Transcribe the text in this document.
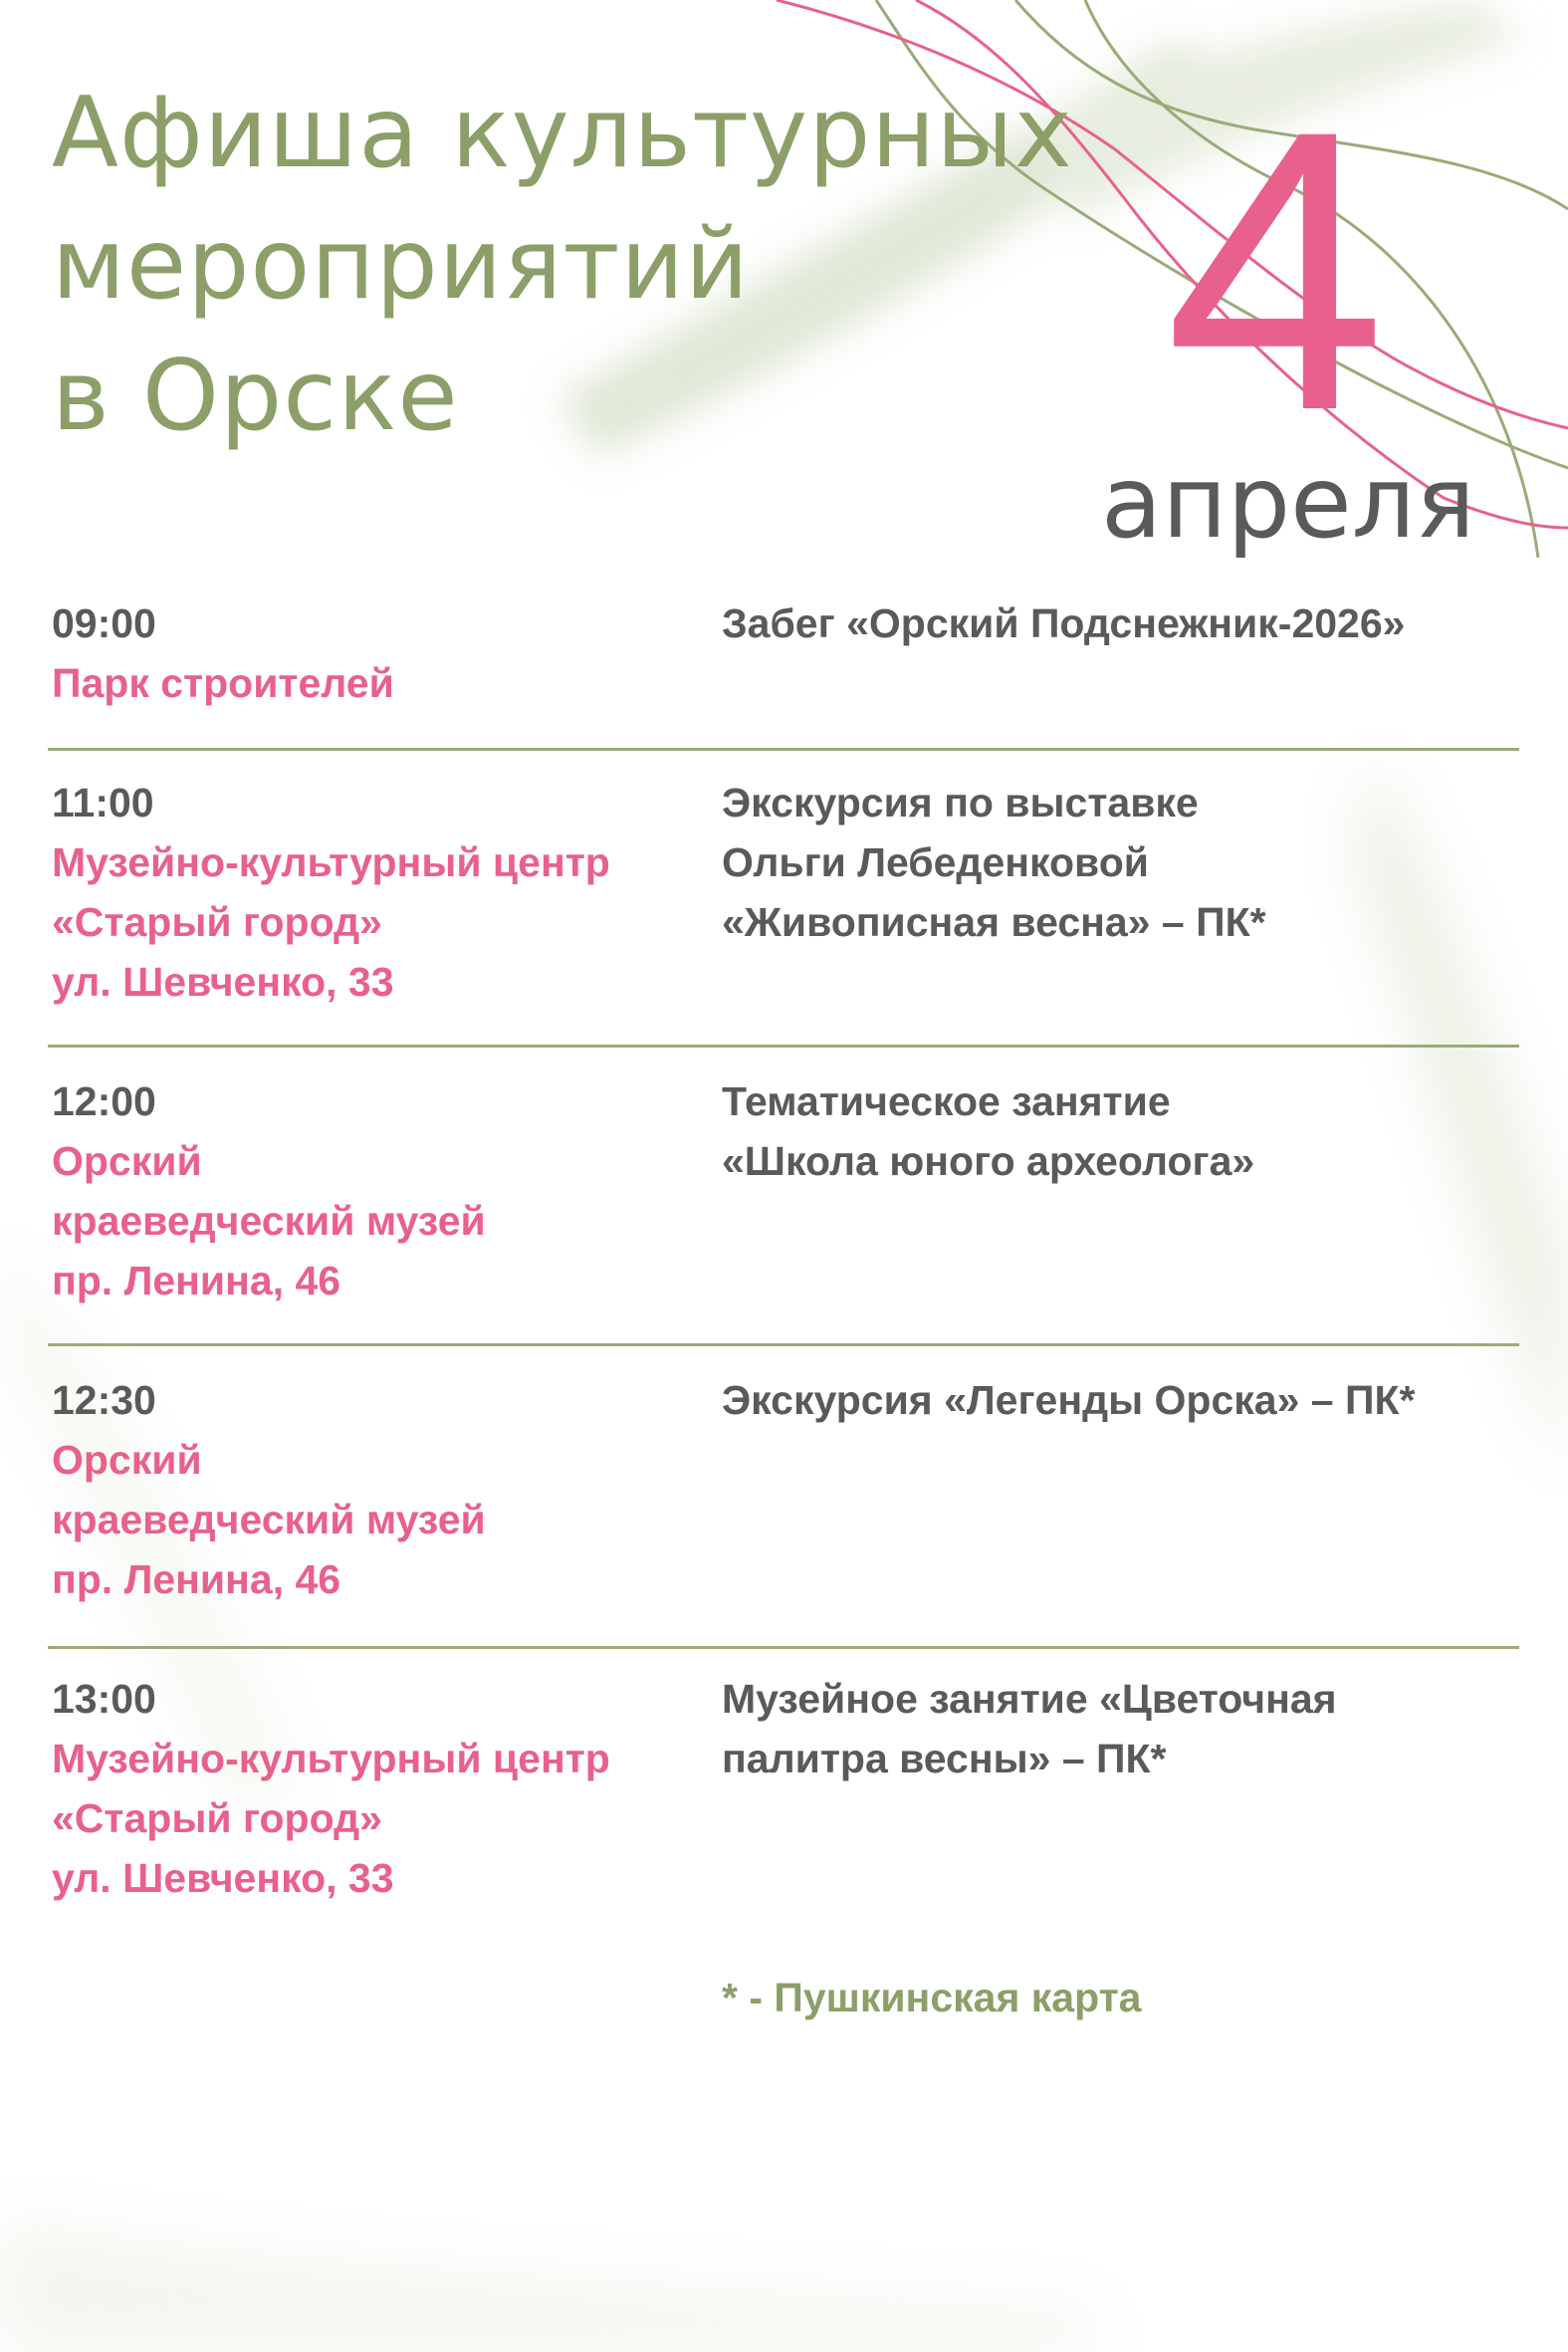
Афиша культурных
мероприятий
в Орске	4
апреля
09:00
Парк строителей
Забег «Орский Подснежник-2026»
11:00
Музейно-культурный центр
«Старый город»
ул. Шевченко, 33
Экскурсия по выставке
Ольги Лебеденковой
«Живописная весна» – ПК*
12:00
Орский
краеведческий музей
пр. Ленина, 46
Тематическое занятие
«Школа юного археолога»
12:30
Орский
краеведческий музей
пр. Ленина, 46
Экскурсия «Легенды Орска» – ПК*
13:00
Музейно-культурный центр
«Старый город»
ул. Шевченко, 33
Музейное занятие «Цветочная
палитра весны» – ПК*
* - Пушкинская карта
